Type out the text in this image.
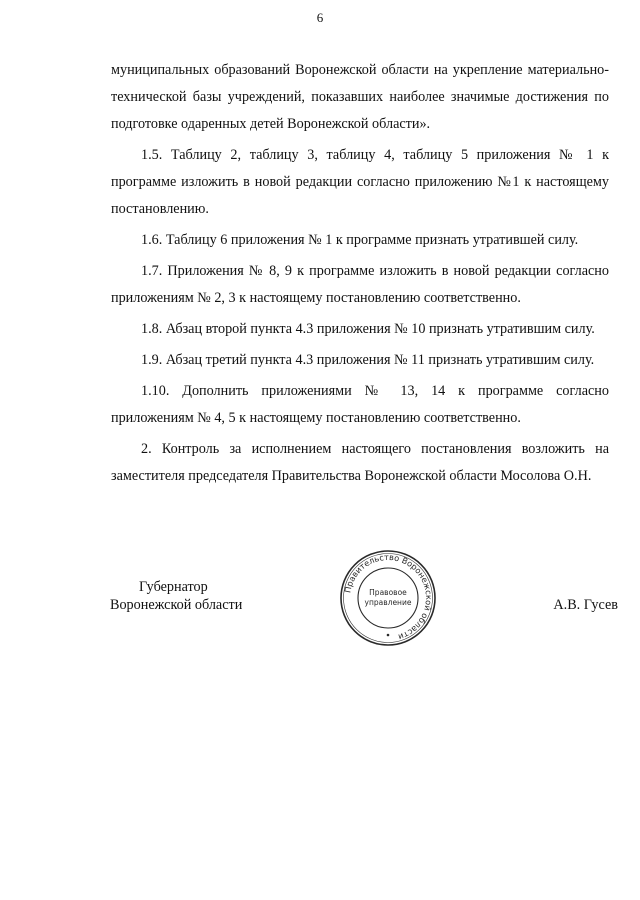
6

муниципальных образований Воронежской области на укрепление материально-технической базы учреждений, показавших наиболее значимые достижения по подготовке одаренных детей Воронежской области».

1.5. Таблицу 2, таблицу 3, таблицу 4, таблицу 5 приложения № 1 к программе изложить в новой редакции согласно приложению №1 к настоящему постановлению.

1.6. Таблицу 6 приложения № 1 к программе признать утратившей силу.

1.7. Приложения № 8, 9 к программе изложить в новой редакции согласно приложениям № 2, 3 к настоящему постановлению соответственно.

1.8. Абзац второй пункта 4.3 приложения № 10 признать утратившим силу.

1.9. Абзац третий пункта 4.3 приложения № 11 признать утратившим силу.

1.10. Дополнить приложениями № 13, 14 к программе согласно приложениям № 4, 5 к настоящему постановлению соответственно.

2. Контроль за исполнением настоящего постановления возложить на заместителя председателя Правительства Воронежской области Мосолова О.Н.

Губернатор
Воронежской области
Правительство Воронежской области
Правовое
управление	А.В. Гусев
